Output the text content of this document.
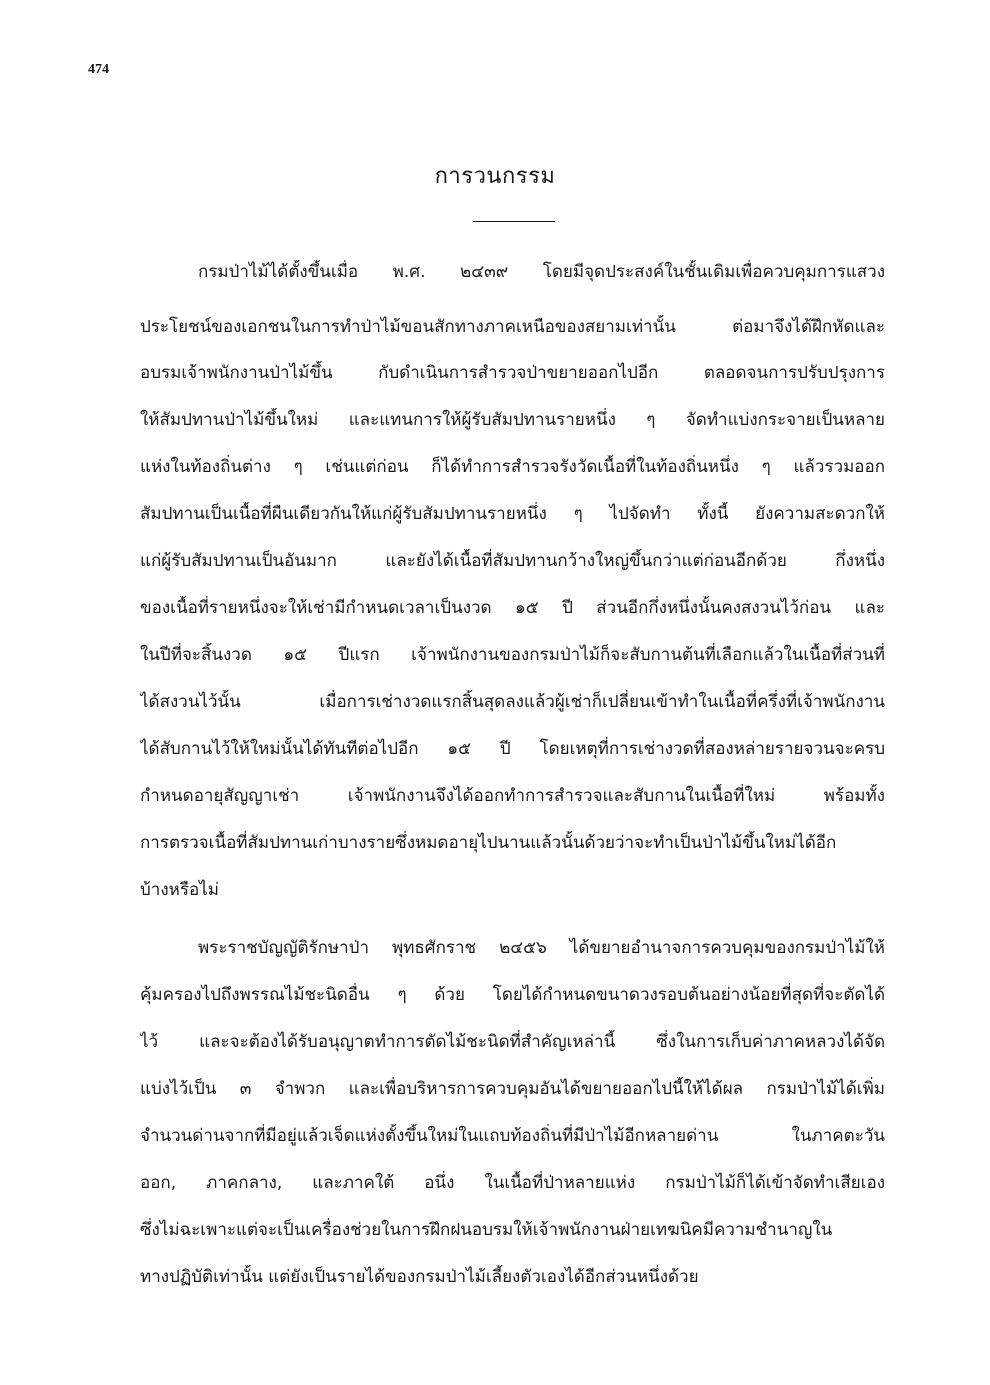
474
การวนกรรม
กรมป่าไม้ได้ตั้งขึ้นเมื่อ พ.ศ. ๒๔๓๙ โดยมีจุดประสงค์ในชั้นเดิมเพื่อควบคุมการแสวง
ประโยชน์ของเอกชนในการทำป่าไม้ขอนสักทางภาคเหนือของสยามเท่านั้น ต่อมาจึงได้ฝึกหัดและ
อบรมเจ้าพนักงานป่าไม้ขึ้น กับดำเนินการสำรวจป่าขยายออกไปอีก ตลอดจนการปรับปรุงการ
ให้สัมปทานป่าไม้ขึ้นใหม่ และแทนการให้ผู้รับสัมปทานรายหนึ่ง ๆ จัดทำแบ่งกระจายเป็นหลาย
แห่งในท้องถิ่นต่าง ๆ เช่นแต่ก่อน ก็ได้ทำการสำรวจรังวัดเนื้อที่ในท้องถิ่นหนึ่ง ๆ แล้วรวมออก
สัมปทานเป็นเนื้อที่ผืนเดียวกันให้แก่ผู้รับสัมปทานรายหนึ่ง ๆ ไปจัดทำ ทั้งนี้ ยังความสะดวกให้
แก่ผู้รับสัมปทานเป็นอันมาก และยังได้เนื้อที่สัมปทานกว้างใหญ่ขึ้นกว่าแต่ก่อนอีกด้วย กึ่งหนึ่ง
ของเนื้อที่รายหนึ่งจะให้เช่ามีกำหนดเวลาเป็นงวด ๑๕ ปี ส่วนอีกกึ่งหนึ่งนั้นคงสงวนไว้ก่อน และ
ในปีที่จะสิ้นงวด ๑๕ ปีแรก เจ้าพนักงานของกรมป่าไม้ก็จะสับกานต้นที่เลือกแล้วในเนื้อที่ส่วนที่
ได้สงวนไว้นั้น เมื่อการเช่างวดแรกสิ้นสุดลงแล้วผู้เช่าก็เปลี่ยนเข้าทำในเนื้อที่ครึ่งที่เจ้าพนักงาน
ได้สับกานไว้ให้ใหม่นั้นได้ทันทีต่อไปอีก ๑๕ ปี โดยเหตุที่การเช่างวดที่สองหล่ายรายจวนจะครบ
กำหนดอายุสัญญาเช่า เจ้าพนักงานจึงได้ออกทำการสำรวจและสับกานในเนื้อที่ใหม่ พร้อมทั้ง
การตรวจเนื้อที่สัมปทานเก่าบางรายซึ่งหมดอายุไปนานแล้วนั้นด้วยว่าจะทำเป็นป่าไม้ขึ้นใหม่ได้อีก
บ้างหรือไม่
พระราชบัญญัติรักษาป่า พุทธศักราช ๒๔๕๖ ได้ขยายอำนาจการควบคุมของกรมป่าไม้ให้
คุ้มครองไปถึงพรรณไม้ชะนิดอื่น ๆ ด้วย โดยได้กำหนดขนาดวงรอบต้นอย่างน้อยที่สุดที่จะตัดได้
ไว้ และจะต้องได้รับอนุญาตทำการตัดไม้ชะนิดที่สำคัญเหล่านี้ ซึ่งในการเก็บค่าภาคหลวงได้จัด
แบ่งไว้เป็น ๓ จำพวก และเพื่อบริหารการควบคุมอันได้ขยายออกไปนี้ให้ได้ผล กรมป่าไม้ได้เพิ่ม
จำนวนด่านจากที่มีอยู่แล้วเจ็ดแห่งตั้งขึ้นใหม่ในแถบท้องถิ่นที่มีป่าไม้อีกหลายด่าน ในภาคตะวัน
ออก, ภาคกลาง, และภาคใต้ อนึ่ง ในเนื้อที่ป่าหลายแห่ง กรมป่าไม้ก็ได้เข้าจัดทำเสียเอง
ซึ่งไม่ฉะเพาะแต่จะเป็นเครื่องช่วยในการฝึกฝนอบรมให้เจ้าพนักงานฝ่ายเทฆนิคมีความชำนาญใน
ทางปฏิบัติเท่านั้น แต่ยังเป็นรายได้ของกรมป่าไม้เลี้ยงตัวเองได้อีกส่วนหนึ่งด้วย
